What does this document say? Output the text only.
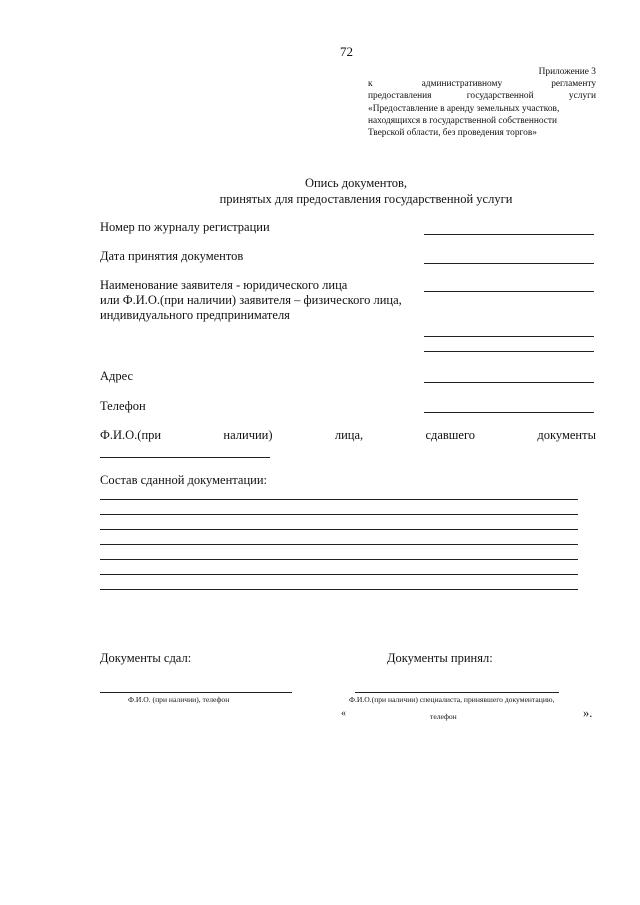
72
Приложение 3
к	административному	регламенту
предоставления	государственной	услуги
«Предоставление в аренду земельных участков,
находящихся в государственной собственности
Тверской области, без проведения торгов»
Опись документов,
принятых для предоставления государственной услуги
Номер по журналу регистрации
Дата принятия документов
Наименование заявителя - юридического лица
или Ф.И.О.(при наличии) заявителя – физического лица,
индивидуального предпринимателя
Адрес
Телефон
Ф.И.О.(при	наличии)	лица,	сдавшего	документы
Состав сданной документации:
Документы сдал:	Документы принял:
Ф.И.О. (при наличии), телефон	Ф.И.О.(при наличии) специалиста, принявшего документацию,
«	телефон	».
